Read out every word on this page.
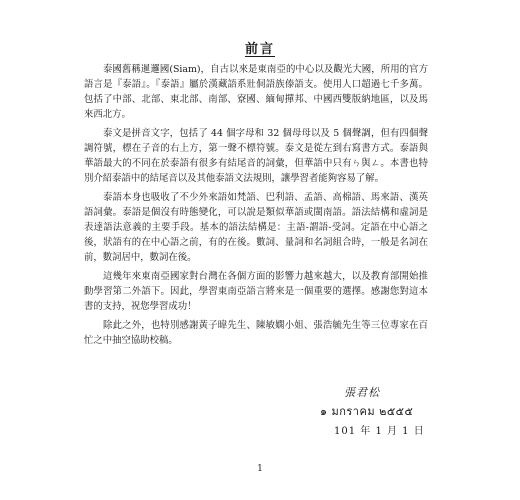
前言

泰國舊稱暹邏國(Siam)，自古以來是東南亞的中心以及觀光大國，所用的官方語言是『泰語』。『泰語』屬於漢藏語系壯侗語族傣語支。使用人口超過七千多萬。包括了中部、北部、東北部、南部、寮國、緬甸撣邦、中國西雙版納地區，以及馬來西北方。

泰文是拼音文字，包括了 44 個字母和 32 個母母以及 5 個聲調，但有四個聲調符號，標在子音的右上方，第一聲不標符號。泰文是從左到右寫書方式。泰語與華語最大的不同在於泰語有很多有結尾音的詞彙，但華語中只有ㄣ與ㄥ。本書也特別介紹泰語中的結尾音以及其他泰語文法規則，讓學習者能夠容易了解。

泰語本身也吸收了不少外來語如梵語、巴利語、孟語、高棉語、馬來語、漢英語詞彙。泰語是個沒有時態變化，可以說是類似華語或閩南語。語法結構和虛詞是表達語法意義的主要手段。基本的語法結構是：主語-謂語-受詞。定語在中心語之後，狀語有的在中心語之前，有的在後。數詞、量詞和名詞組合時，一般是名詞在前，數詞居中，數詞在後。

這幾年來東南亞國家對台灣在各個方面的影響力越來越大，以及教育部開始推動學習第二外語下。因此，學習東南亞語言將來是一個重要的選擇。感謝您對這本書的支持，祝您學習成功！

除此之外，也特別感謝黃子暐先生、陳敏嫻小姐、張浩毓先生等三位專家在百忙之中抽空協助校稿。

張君松
๑ มกราคม ๒๕๕๕
101 年 1 月 1 日
1
